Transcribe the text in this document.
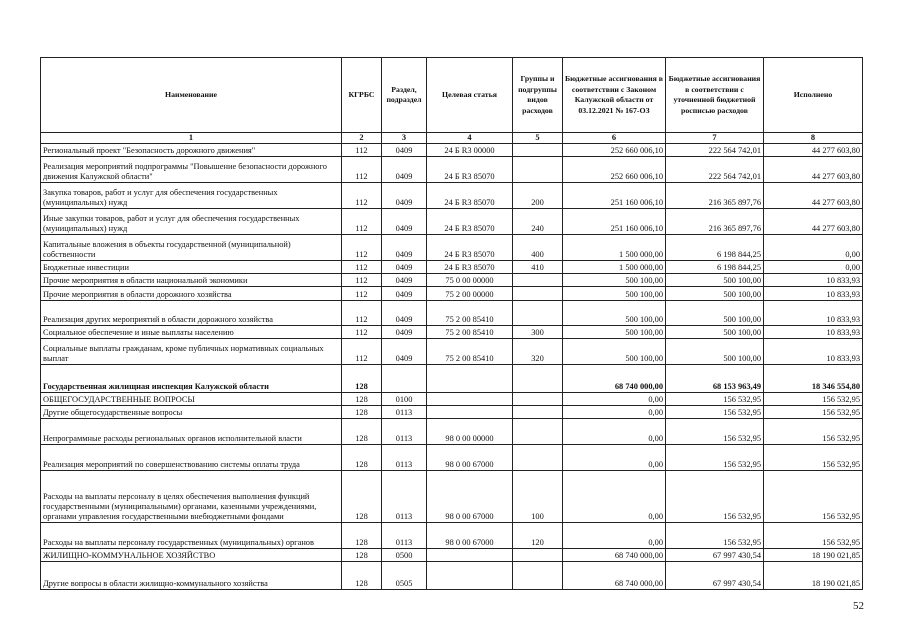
Наименование	КГРБС	Раздел, подраздел	Целевая статья	Группы и подгруппы видов расходов	Бюджетные ассигнования в соответствии с Законом Калужской области от 03.12.2021 № 167-ОЗ	Бюджетные ассигнования в соответствии с уточненной бюджетной росписью расходов	Исполнено
1	2	3	4	5	6	7	8
Региональный проект "Безопасность дорожного движения"	112	0409	24 Б R3 00000		252 660 006,10	222 564 742,01	44 277 603,80
Реализация мероприятий подпрограммы "Повышение безопасности дорожного движения Калужской области"	112	0409	24 Б R3 85070		252 660 006,10	222 564 742,01	44 277 603,80
Закупка товаров, работ и услуг для обеспечения государственных (муниципальных) нужд	112	0409	24 Б R3 85070	200	251 160 006,10	216 365 897,76	44 277 603,80
Иные закупки товаров, работ и услуг для обеспечения государственных (муниципальных) нужд	112	0409	24 Б R3 85070	240	251 160 006,10	216 365 897,76	44 277 603,80
Капитальные вложения в объекты государственной (муниципальной) собственности	112	0409	24 Б R3 85070	400	1 500 000,00	6 198 844,25	0,00
Бюджетные инвестиции	112	0409	24 Б R3 85070	410	1 500 000,00	6 198 844,25	0,00
Прочие мероприятия в области национальной экономики	112	0409	75 0 00 00000		500 100,00	500 100,00	10 833,93
Прочие мероприятия в области дорожного хозяйства	112	0409	75 2 00 00000		500 100,00	500 100,00	10 833,93
Реализация других мероприятий в области дорожного хозяйства	112	0409	75 2 00 85410		500 100,00	500 100,00	10 833,93
Социальное обеспечение и иные выплаты населению	112	0409	75 2 00 85410	300	500 100,00	500 100,00	10 833,93
Социальные выплаты гражданам, кроме публичных нормативных социальных выплат	112	0409	75 2 00 85410	320	500 100,00	500 100,00	10 833,93
Государственная жилищная инспекция Калужской области	128				68 740 000,00	68 153 963,49	18 346 554,80
ОБЩЕГОСУДАРСТВЕННЫЕ ВОПРОСЫ	128	0100			0,00	156 532,95	156 532,95
Другие общегосударственные вопросы	128	0113			0,00	156 532,95	156 532,95
Непрограммные расходы региональных органов исполнительной власти	128	0113	98 0 00 00000		0,00	156 532,95	156 532,95
Реализация мероприятий по совершенствованию системы оплаты труда	128	0113	98 0 00 67000		0,00	156 532,95	156 532,95
Расходы на выплаты персоналу в целях обеспечения выполнения функций государственными (муниципальными) органами, казенными учреждениями, органами управления государственными внебюджетными фондами	128	0113	98 0 00 67000	100	0,00	156 532,95	156 532,95
Расходы на выплаты персоналу государственных (муниципальных) органов	128	0113	98 0 00 67000	120	0,00	156 532,95	156 532,95
ЖИЛИЩНО-КОММУНАЛЬНОЕ ХОЗЯЙСТВО	128	0500			68 740 000,00	67 997 430,54	18 190 021,85
Другие вопросы в области жилищно-коммунального хозяйства	128	0505			68 740 000,00	67 997 430,54	18 190 021,85
52
